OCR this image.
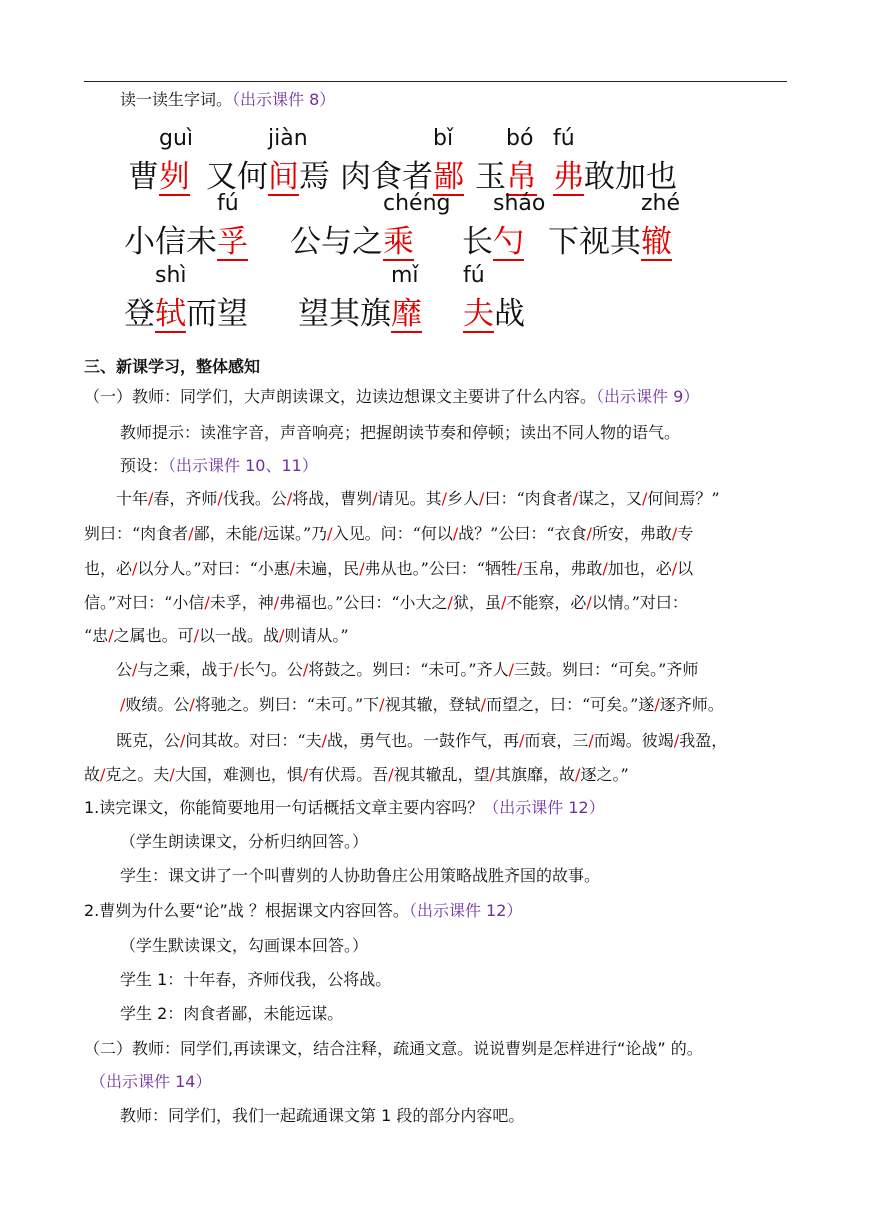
读一读生字词。（出示课件 8）
曹刿
guì
又何间
jiàn
焉 肉食者鄙
bǐ
玉帛
bó
弗
fú
敢加也
小信未孚
fú
公与之乘
chéng
长勺
sháo
下视其辙
zhé
登轼
shì
而望 望其旗靡
mǐ
夫
fú
战
三、新课学习，整体感知
（一）教师：同学们，大声朗读课文，边读边想课文主要讲了什么内容。（出示课件 9）
教师提示：读准字音，声音响亮；把握朗读节奏和停顿；读出不同人物的语气。
预设：（出示课件 10、11）
　　十年/春，齐师/伐我。公/将战，曹刿/请见。其/乡人/曰：“肉食者/谋之，又/何间焉？”
刿曰：“肉食者/鄙，未能/远谋。”乃/入见。问：“何以/战？”公曰：“衣食/所安，弗敢/专
也，必/以分人。”对曰：“小惠/未遍，民/弗从也。”公曰：“牺牲/玉帛，弗敢/加也，必/以
信。”对曰：“小信/未孚，神/弗福也。”公曰：“小大之/狱，虽/不能察，必/以情。”对曰：
“忠/之属也。可/以一战。战/则请从。”
　　公/与之乘，战于/长勺。公/将鼓之。刿曰：“未可。”齐人/三鼓。刿曰：“可矣。”齐师
/败绩。公/将驰之。刿曰：“未可。”下/视其辙，登轼/而望之，曰：“可矣。”遂/逐齐师。
　　既克，公/问其故。对曰：“夫/战，勇气也。一鼓作气，再/而衰，三/而竭。彼竭/我盈，
故/克之。夫/大国，难测也，惧/有伏焉。吾/视其辙乱，望/其旗靡，故/逐之。”
1.读完课文，你能简要地用一句话概括文章主要内容吗？（出示课件 12）
（学生朗读课文，分析归纳回答。）
学生：课文讲了一个叫曹刿的人协助鲁庄公用策略战胜齐国的故事。
2.曹刿为什么要“论”战 ？根据课文内容回答。（出示课件 12）
（学生默读课文，勾画课本回答。）
学生 1：十年春，齐师伐我，公将战。
学生 2：肉食者鄙，未能远谋。
（二）教师：同学们,再读课文，结合注释，疏通文意。说说曹刿是怎样进行“论战” 的。
（出示课件 14）
教师：同学们，我们一起疏通课文第 1 段的部分内容吧。
